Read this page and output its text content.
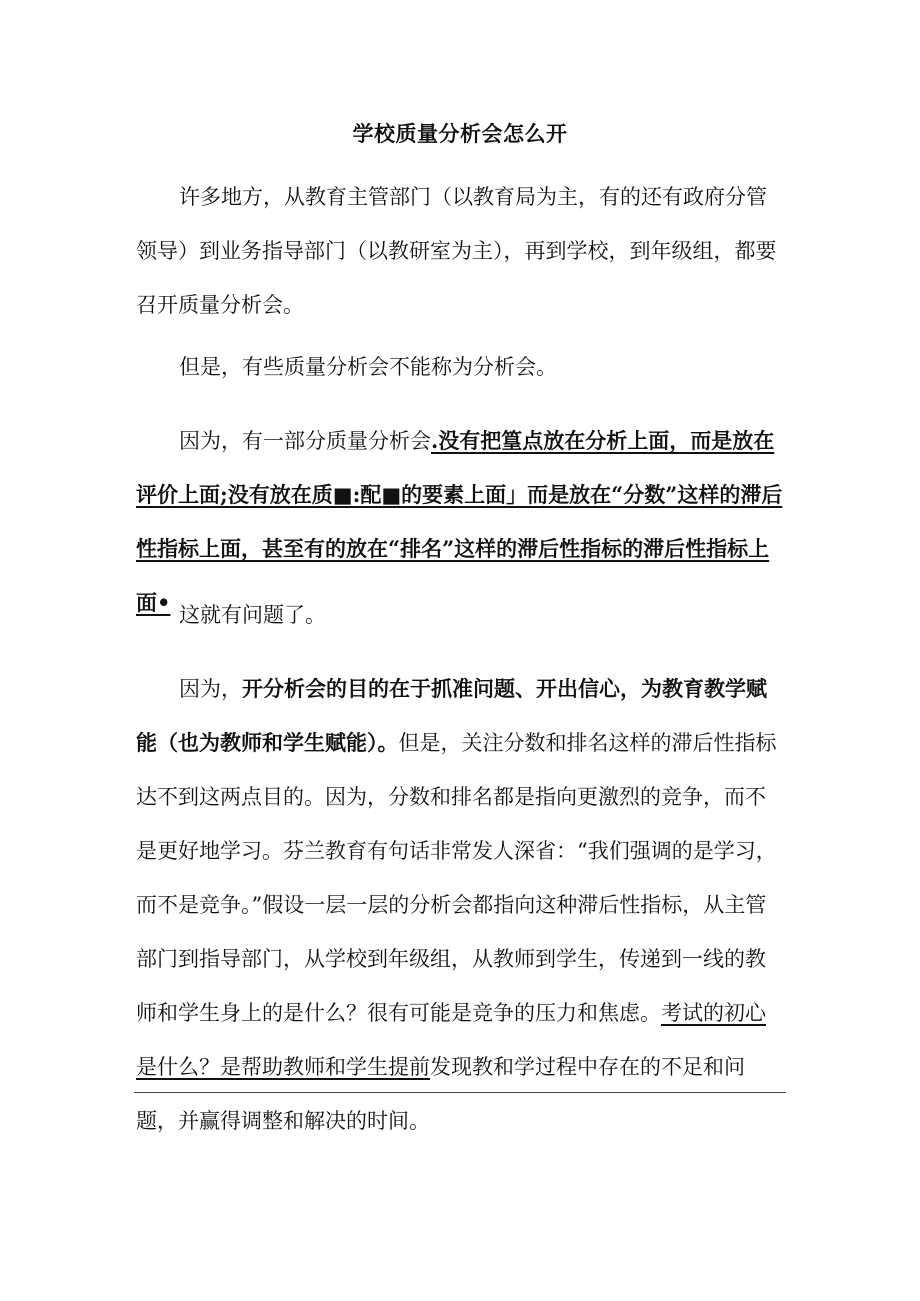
学校质量分析会怎么开
许多地方，从教育主管部门（以教育局为主，有的还有政府分管领导）到业务指导部门（以教研室为主），再到学校，到年级组，都要召开质量分析会。
但是，有些质量分析会不能称为分析会。
因为，有一部分质量分析会.没有把篁点放在分析上面，而是放在评价上面;没有放在质■:配■的要素上面」而是放在“分数”这样的滞后性指标上面，甚至有的放在“排名”这样的滞后性指标的滞后性指标上面• 这就有问题了。
因为，开分析会的目的在于抓准问题、开出信心，为教育教学赋能（也为教师和学生赋能）。但是，关注分数和排名这样的滞后性指标达不到这两点目的。因为，分数和排名都是指向更激烈的竞争，而不是更好地学习。芬兰教育有句话非常发人深省：“我们强调的是学习，而不是竞争。”假设一层一层的分析会都指向这种滞后性指标，从主管部门到指导部门，从学校到年级组，从教师到学生，传递到一线的教师和学生身上的是什么？很有可能是竞争的压力和焦虑。考试的初心是什么？是帮助教师和学生提前发现教和学过程中存在的不足和问题，并赢得调整和解决的时间。
